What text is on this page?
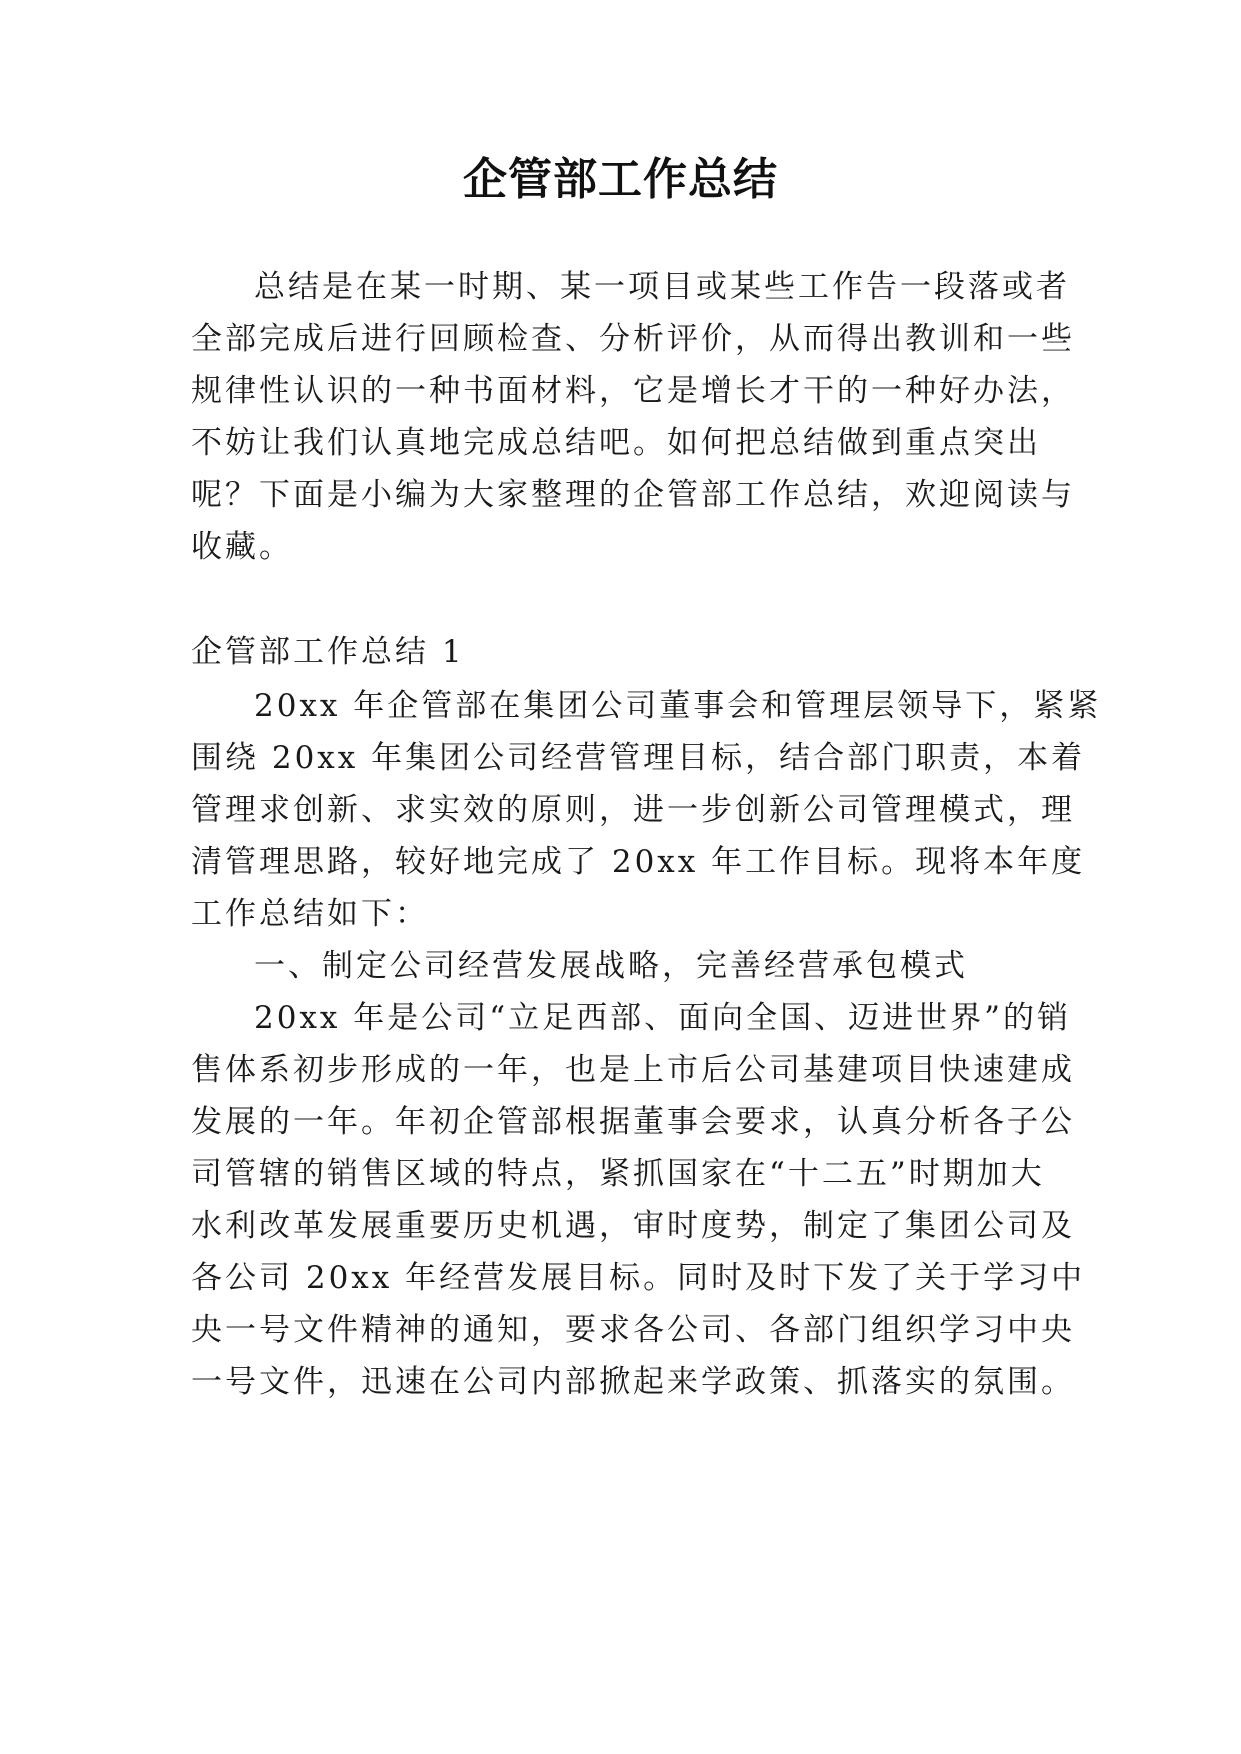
企管部工作总结
总结是在某一时期、某一项目或某些工作告一段落或者
全部完成后进行回顾检查、分析评价，从而得出教训和一些
规律性认识的一种书面材料，它是增长才干的一种好办法，
不妨让我们认真地完成总结吧。如何把总结做到重点突出
呢？下面是小编为大家整理的企管部工作总结，欢迎阅读与
收藏。
企管部工作总结 1
20xx 年企管部在集团公司董事会和管理层领导下，紧紧
围绕 20xx 年集团公司经营管理目标，结合部门职责，本着
管理求创新、求实效的原则，进一步创新公司管理模式，理
清管理思路，较好地完成了 20xx 年工作目标。现将本年度
工作总结如下：
一、制定公司经营发展战略，完善经营承包模式
20xx 年是公司“立足西部、面向全国、迈进世界”的销
售体系初步形成的一年，也是上市后公司基建项目快速建成
发展的一年。年初企管部根据董事会要求，认真分析各子公
司管辖的销售区域的特点，紧抓国家在“十二五”时期加大
水利改革发展重要历史机遇，审时度势，制定了集团公司及
各公司 20xx 年经营发展目标。同时及时下发了关于学习中
央一号文件精神的通知，要求各公司、各部门组织学习中央
一号文件，迅速在公司内部掀起来学政策、抓落实的氛围。
